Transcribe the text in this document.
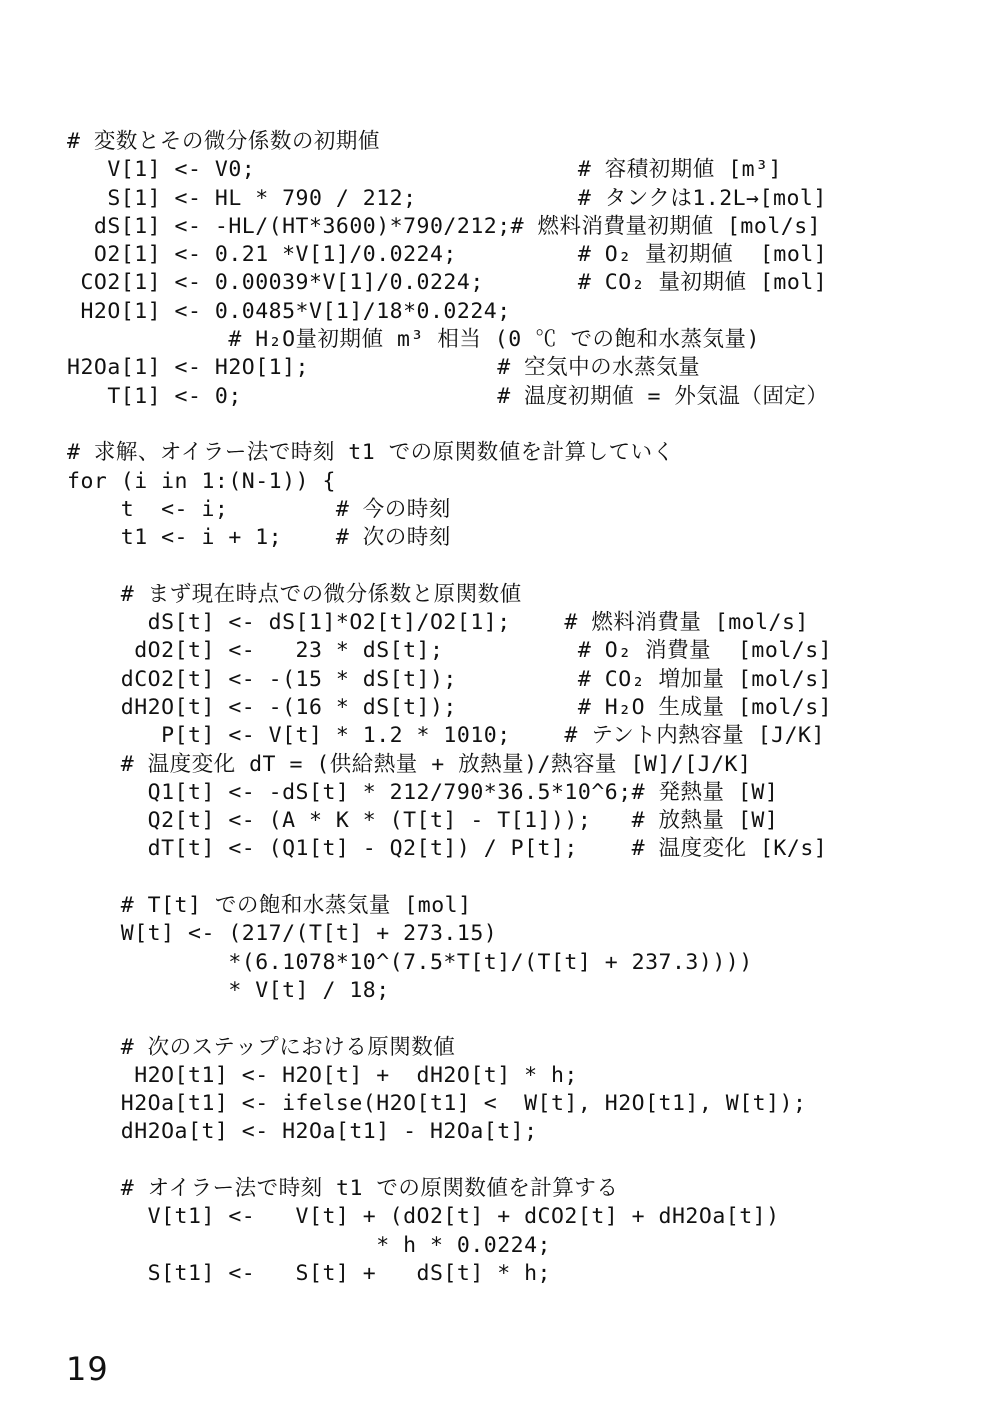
# 変数とその微分係数の初期値
V[1] <- V0;                        # 容積初期値 [m³]
S[1] <- HL * 790 / 212;            # タンクは1.2L→[mol]
dS[1] <- -HL/(HT*3600)*790/212;# 燃料消費量初期値 [mol/s]
O2[1] <- 0.21 *V[1]/0.0224;         # O₂ 量初期値  [mol]
CO2[1] <- 0.00039*V[1]/0.0224;       # CO₂ 量初期値 [mol]
H2O[1] <- 0.0485*V[1]/18*0.0224;
# H₂O量初期値 m³ 相当 (0 ℃ での飽和水蒸気量)
H2Oa[1] <- H2O[1];              # 空気中の水蒸気量
T[1] <- 0;                   # 温度初期値 = 外気温（固定）
# 求解、オイラー法で時刻 t1 での原関数値を計算していく
for (i in 1:(N-1)) {
t  <- i;        # 今の時刻
t1 <- i + 1;    # 次の時刻
# まず現在時点での微分係数と原関数値
dS[t] <- dS[1]*O2[t]/O2[1];    # 燃料消費量 [mol/s]
dO2[t] <-   23 * dS[t];          # O₂ 消費量  [mol/s]
dCO2[t] <- -(15 * dS[t]);         # CO₂ 増加量 [mol/s]
dH2O[t] <- -(16 * dS[t]);         # H₂O 生成量 [mol/s]
P[t] <- V[t] * 1.2 * 1010;    # テント内熱容量 [J/K]
# 温度変化 dT = (供給熱量 + 放熱量)/熱容量 [W]/[J/K]
Q1[t] <- -dS[t] * 212/790*36.5*10^6;# 発熱量 [W]
Q2[t] <- (A * K * (T[t] - T[1]));   # 放熱量 [W]
dT[t] <- (Q1[t] - Q2[t]) / P[t];    # 温度変化 [K/s]
# T[t] での飽和水蒸気量 [mol]
W[t] <- (217/(T[t] + 273.15)
*(6.1078*10^(7.5*T[t]/(T[t] + 237.3))))
* V[t] / 18;
# 次のステップにおける原関数値
H2O[t1] <- H2O[t] +  dH2O[t] * h;
H2Oa[t1] <- ifelse(H2O[t1] <  W[t], H2O[t1], W[t]);
dH2Oa[t] <- H2Oa[t1] - H2Oa[t];
# オイラー法で時刻 t1 での原関数値を計算する
V[t1] <-   V[t] + (dO2[t] + dCO2[t] + dH2Oa[t])
* h * 0.0224;
S[t1] <-   S[t] +   dS[t] * h;
19
